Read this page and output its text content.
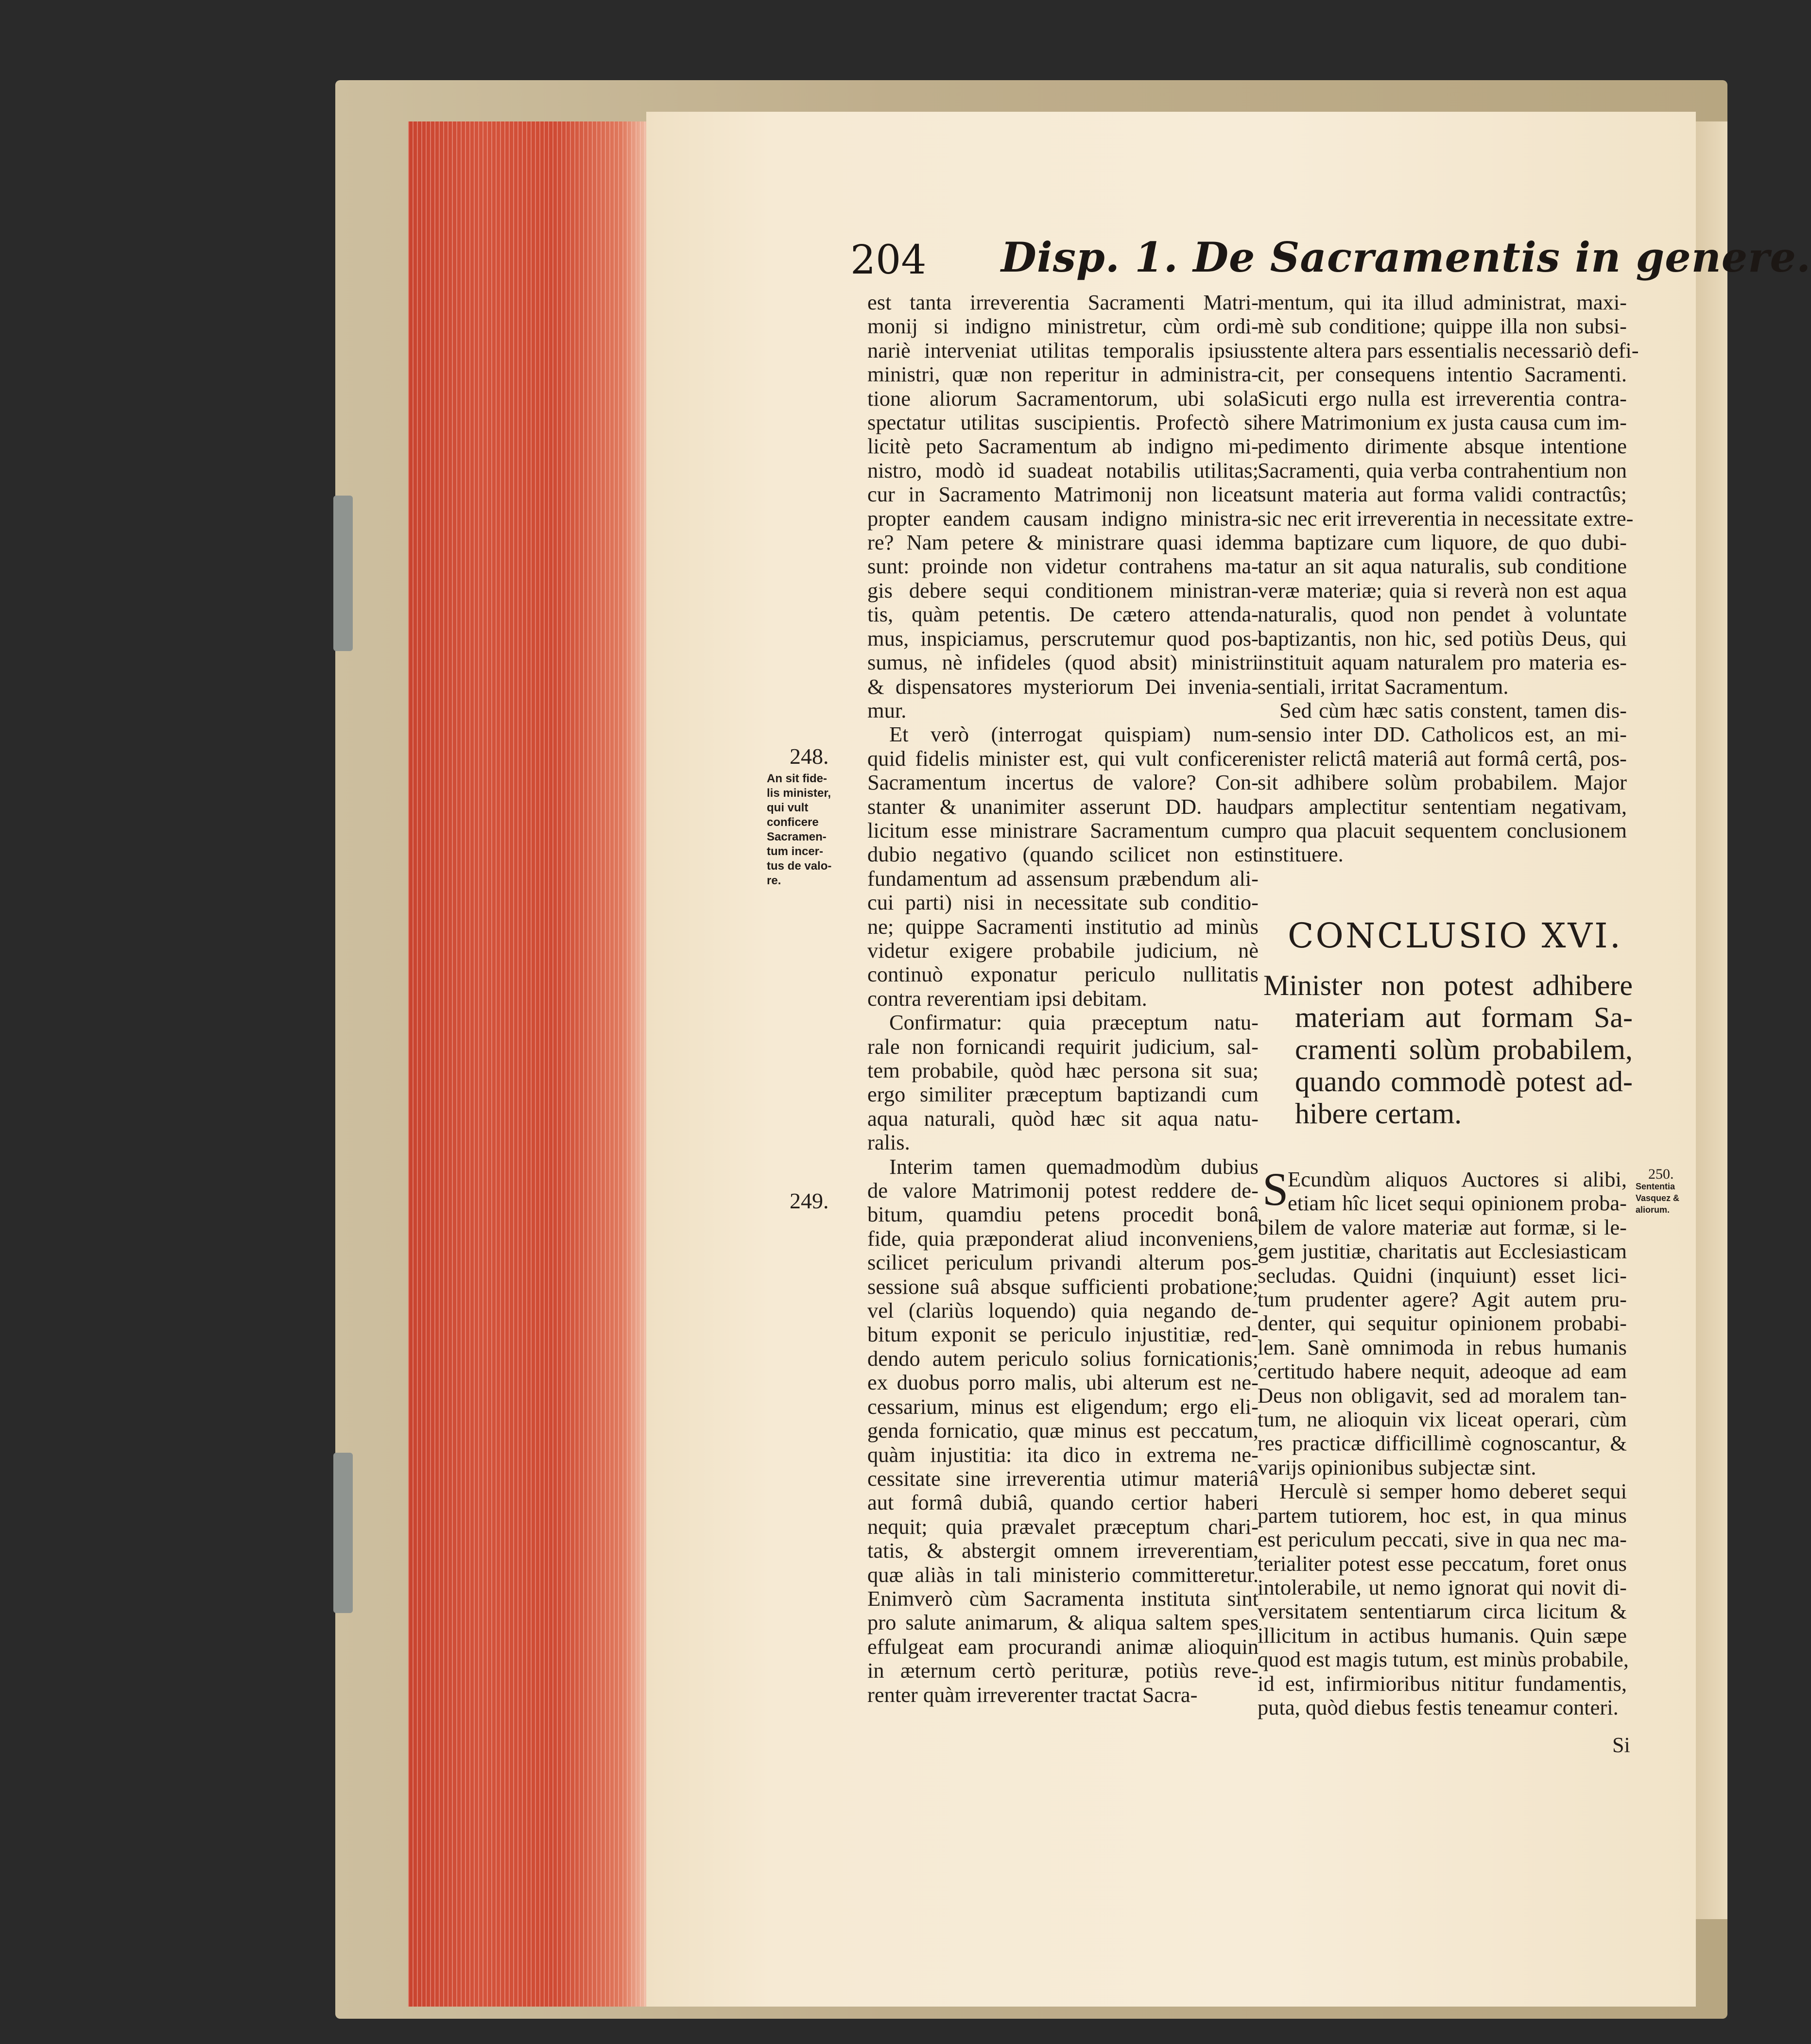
204 Disp. 1. De Sacramentis in genere.
est tanta irreverentia Sacramenti Matri-
monij si indigno ministretur, cùm ordi-
nariè interveniat utilitas temporalis ipsius
ministri, quæ non reperitur in administra-
tione aliorum Sacramentorum, ubi sola
spectatur utilitas suscipientis. Profectò si
licitè peto Sacramentum ab indigno mi-
nistro, modò id suadeat notabilis utilitas;
cur in Sacramento Matrimonij non liceat
propter eandem causam indigno ministra-
re? Nam petere & ministrare quasi idem
sunt: proinde non videtur contrahens ma-
gis debere sequi conditionem ministran-
tis, quàm petentis. De cætero attenda-
mus, inspiciamus, perscrutemur quod pos-
sumus, nè infideles (quod absit) ministri
& dispensatores mysteriorum Dei invenia-
mur.
Et verò (interrogat quispiam) num-
quid fidelis minister est, qui vult conficere
Sacramentum incertus de valore? Con-
stanter & unanimiter asserunt DD. haud
licitum esse ministrare Sacramentum cum
dubio negativo (quando scilicet non est
fundamentum ad assensum præbendum ali-
cui parti) nisi in necessitate sub conditio-
ne; quippe Sacramenti institutio ad minùs
videtur exigere probabile judicium, nè
continuò exponatur periculo nullitatis
contra reverentiam ipsi debitam.
Confirmatur: quia præceptum natu-
rale non fornicandi requirit judicium, sal-
tem probabile, quòd hæc persona sit sua;
ergo similiter præceptum baptizandi cum
aqua naturali, quòd hæc sit aqua natu-
ralis.
Interim tamen quemadmodùm dubius
de valore Matrimonij potest reddere de-
bitum, quamdiu petens procedit bonâ
fide, quia præponderat aliud inconveniens,
scilicet periculum privandi alterum pos-
sessione suâ absque sufficienti probatione;
vel (clariùs loquendo) quia negando de-
bitum exponit se periculo injustitiæ, red-
dendo autem periculo solius fornicationis;
ex duobus porro malis, ubi alterum est ne-
cessarium, minus est eligendum; ergo eli-
genda fornicatio, quæ minus est peccatum,
quàm injustitia: ita dico in extrema ne-
cessitate sine irreverentia utimur materiâ
aut formâ dubiâ, quando certior haberi
nequit; quia prævalet præceptum chari-
tatis, & abstergit omnem irreverentiam,
quæ aliàs in tali ministerio committeretur.
Enimverò cùm Sacramenta instituta sint
pro salute animarum, & aliqua saltem spes
effulgeat eam procurandi animæ alioquin
in æternum certò perituræ, potiùs reve-
renter quàm irreverenter tractat Sacra-
mentum, qui ita illud administrat, maxi-
mè sub conditione; quippe illa non subsi-
stente altera pars essentialis necessariò defi-
cit, per consequens intentio Sacramenti.
Sicuti ergo nulla est irreverentia contra-
here Matrimonium ex justa causa cum im-
pedimento dirimente absque intentione
Sacramenti, quia verba contrahentium non
sunt materia aut forma validi contractûs;
sic nec erit irreverentia in necessitate extre-
ma baptizare cum liquore, de quo dubi-
tatur an sit aqua naturalis, sub conditione
veræ materiæ; quia si reverà non est aqua
naturalis, quod non pendet à voluntate
baptizantis, non hic, sed potiùs Deus, qui
instituit aquam naturalem pro materia es-
sentiali, irritat Sacramentum.
Sed cùm hæc satis constent, tamen dis-
sensio inter DD. Catholicos est, an mi-
nister relictâ materiâ aut formâ certâ, pos-
sit adhibere solùm probabilem. Major
pars amplectitur sententiam negativam,
pro qua placuit sequentem conclusionem
instituere.
CONCLUSIO XVI.
Minister non potest adhibere
materiam aut formam Sa-
cramenti solùm probabilem,
quando commodè potest ad-
hibere certam.
S
Ecundùm aliquos Auctores si alibi,
etiam hîc licet sequi opinionem proba-
bilem de valore materiæ aut formæ, si le-
gem justitiæ, charitatis aut Ecclesiasticam
secludas. Quidni (inquiunt) esset lici-
tum prudenter agere? Agit autem pru-
denter, qui sequitur opinionem probabi-
lem. Sanè omnimoda in rebus humanis
certitudo habere nequit, adeoque ad eam
Deus non obligavit, sed ad moralem tan-
tum, ne alioquin vix liceat operari, cùm
res practicæ difficillimè cognoscantur, &
varijs opinionibus subjectæ sint.
Herculè si semper homo deberet sequi
partem tutiorem, hoc est, in qua minus
est periculum peccati, sive in qua nec ma-
terialiter potest esse peccatum, foret onus
intolerabile, ut nemo ignorat qui novit di-
versitatem sententiarum circa licitum &
illicitum in actibus humanis. Quin sæpe
quod est magis tutum, est minùs probabile,
id est, infirmioribus nititur fundamentis,
puta, quòd diebus festis teneamur conteri.
Si
248.
An sit fide-
lis minister,
qui vult
conficere
Sacramen-
tum incer-
tus de valo-
re.
249.
250.
Sententia
Vasquez &
aliorum.
